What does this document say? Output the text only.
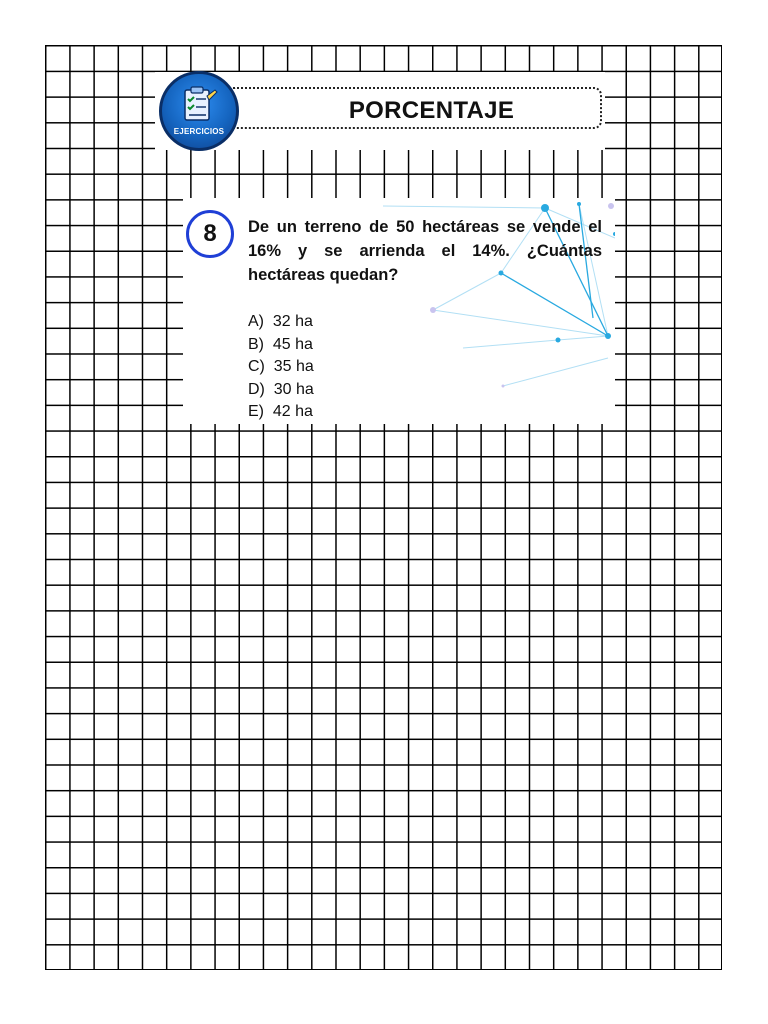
PORCENTAJE
EJERCICIOS
8	De un terreno de 50 hectáreas se vende el 16% y se arrienda el 14%. ¿Cuántas hectáreas quedan?
A)  32 ha
B)  45 ha
C)  35 ha
D)  30 ha
E)  42 ha
